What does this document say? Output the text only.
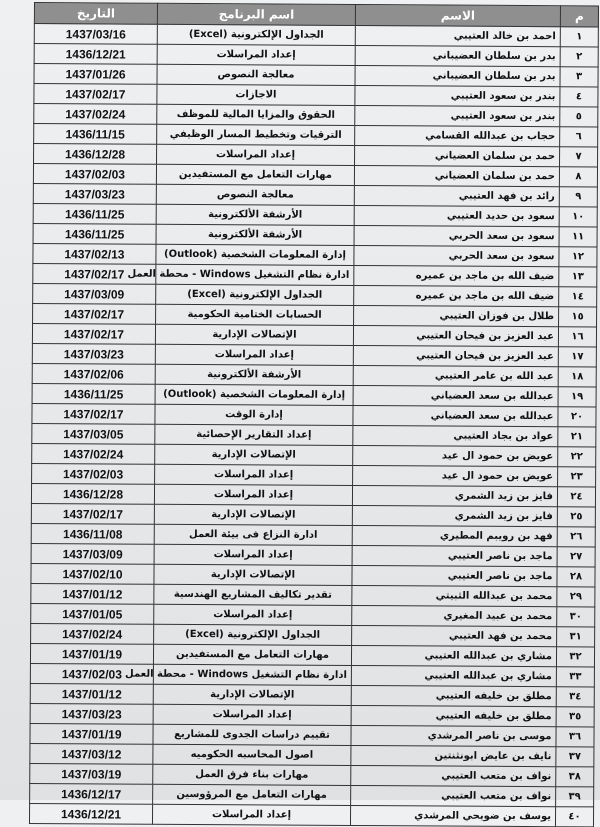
م	الاسم	اسم البرنامج	التاريخ
١	احمد بن خالد العتيبي	الجداول الإلكترونية (Excel)	1437/03/16
٢	بدر بن سلطان العضيباني	إعداد المراسلات	1436/12/21
٣	بدر بن سلطان العضيباني	معالجة النصوص	1437/01/26
٤	بندر بن سعود العتيبي	الاجازات	1437/02/17
٥	بندر بن سعود العتيبي	الحقوق والمزايا المالية للموظف	1437/02/24
٦	حجاب بن عبدالله القسامي	الترقيات وتخطيط المسار الوظيفي	1436/11/15
٧	حمد بن سلمان العضياني	إعداد المراسلات	1436/12/28
٨	حمد بن سلمان العضياني	مهارات التعامل مع المستفيدين	1437/02/03
٩	رائد بن فهد العتيبي	معالجة النصوص	1437/03/23
١٠	سعود بن حديد العتيبي	الأرشفة الألكترونية	1436/11/25
١١	سعود بن سعد الحربي	الأرشفة الألكترونية	1436/11/25
١٢	سعود بن سعد الحربي	إدارة المعلومات الشخصية (Outlook)	1437/02/13
١٣	ضيف الله بن ماجد بن عميره	ادارة نظام التشغيل Windows - محطة العمل	1437/02/17
١٤	ضيف الله بن ماجد بن عميره	الجداول الإلكترونية (Excel)	1437/03/09
١٥	طلال بن فوزان العتيبي	الحسابات الختامية الحكومية	1437/02/17
١٦	عبد العزيز بن فيحان العتيبي	الإتصالات الإدارية	1437/02/17
١٧	عبد العزيز بن فيحان العتيبي	إعداد المراسلات	1437/03/23
١٨	عبد الله بن عامر العتيبي	الأرشفة الألكترونية	1437/02/06
١٩	عبدالله بن سعد العضياني	إدارة المعلومات الشخصية (Outlook)	1436/11/25
٢٠	عبدالله بن سعد العضياني	إدارة الوقت	1437/02/17
٢١	عواد بن بجاد العتيبي	إعداد التقارير الإحصائية	1437/03/05
٢٢	عويض بن حمود ال عيد	الإتصالات الإدارية	1437/02/24
٢٣	عويض بن حمود ال عيد	إعداد المراسلات	1437/02/03
٢٤	فايز بن زيد الشمري	إعداد المراسلات	1436/12/28
٢٥	فايز بن زيد الشمري	الإتصالات الإدارية	1437/02/17
٢٦	فهد بن رويبم المطيري	ادارة النزاع فى بيئة العمل	1436/11/08
٢٧	ماجد بن ناصر العتيبي	إعداد المراسلات	1437/03/09
٢٨	ماجد بن ناصر العتيبي	الإتصالات الإدارية	1437/02/10
٢٩	محمد بن عبدالله الثبيتي	تقدير تكاليف المشاريع الهندسية	1437/01/12
٣٠	محمد بن عبيد المغيري	إعداد المراسلات	1437/01/05
٣١	محمد بن فهد العتيبي	الجداول الإلكترونية (Excel)	1437/02/24
٣٢	مشاري بن عبدالله العتيبي	مهارات التعامل مع المستفيدين	1437/01/19
٣٣	مشاري بن عبدالله العتيبي	ادارة نظام التشغيل Windows - محطة العمل	1437/02/03
٣٤	مطلق بن خليفه العتيبي	الإتصالات الإدارية	1437/01/12
٣٥	مطلق بن خليفه العتيبي	إعداد المراسلات	1437/03/23
٣٦	موسى بن ناصر المرشدي	تقييم دراسات الجدوى للمشاريع	1437/01/19
٣٧	نايف بن عايض ابونثنتين	اصول المحاسبه الحكوميه	1437/03/12
٣٨	نواف بن متعب العتيبي	مهارات بناء فرق العمل	1437/03/19
٣٩	نواف بن متعب العتيبي	مهارات التعامل مع المرؤوسين	1436/12/17
٤٠	يوسف بن ضويحي المرشدي	إعداد المراسلات	1436/12/21
